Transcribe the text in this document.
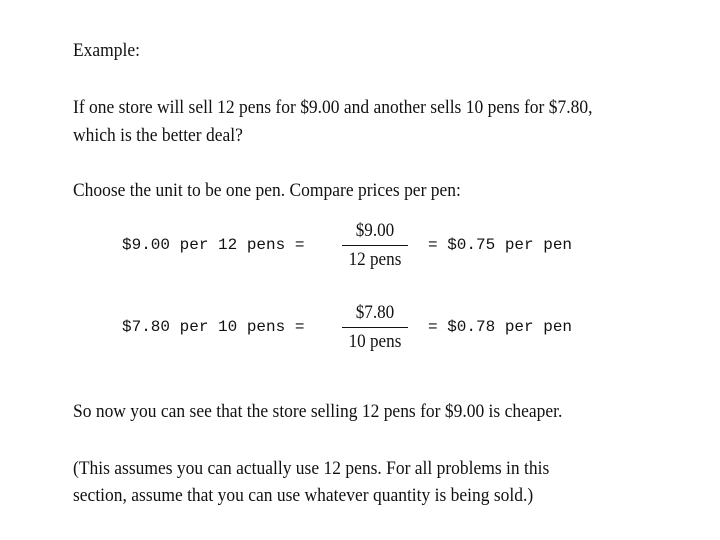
Example:
If one store will sell 12 pens for $9.00 and another sells 10 pens for $7.80,
which is the better deal?
Choose the unit to be one pen. Compare prices per pen:
$9.00 per 12 pens =
$9.00
12 pens
= $0.75 per pen
$7.80 per 10 pens =
$7.80
10 pens
= $0.78 per pen
So now you can see that the store selling 12 pens for $9.00 is cheaper.
(This assumes you can actually use 12 pens. For all problems in this
section, assume that you can use whatever quantity is being sold.)
